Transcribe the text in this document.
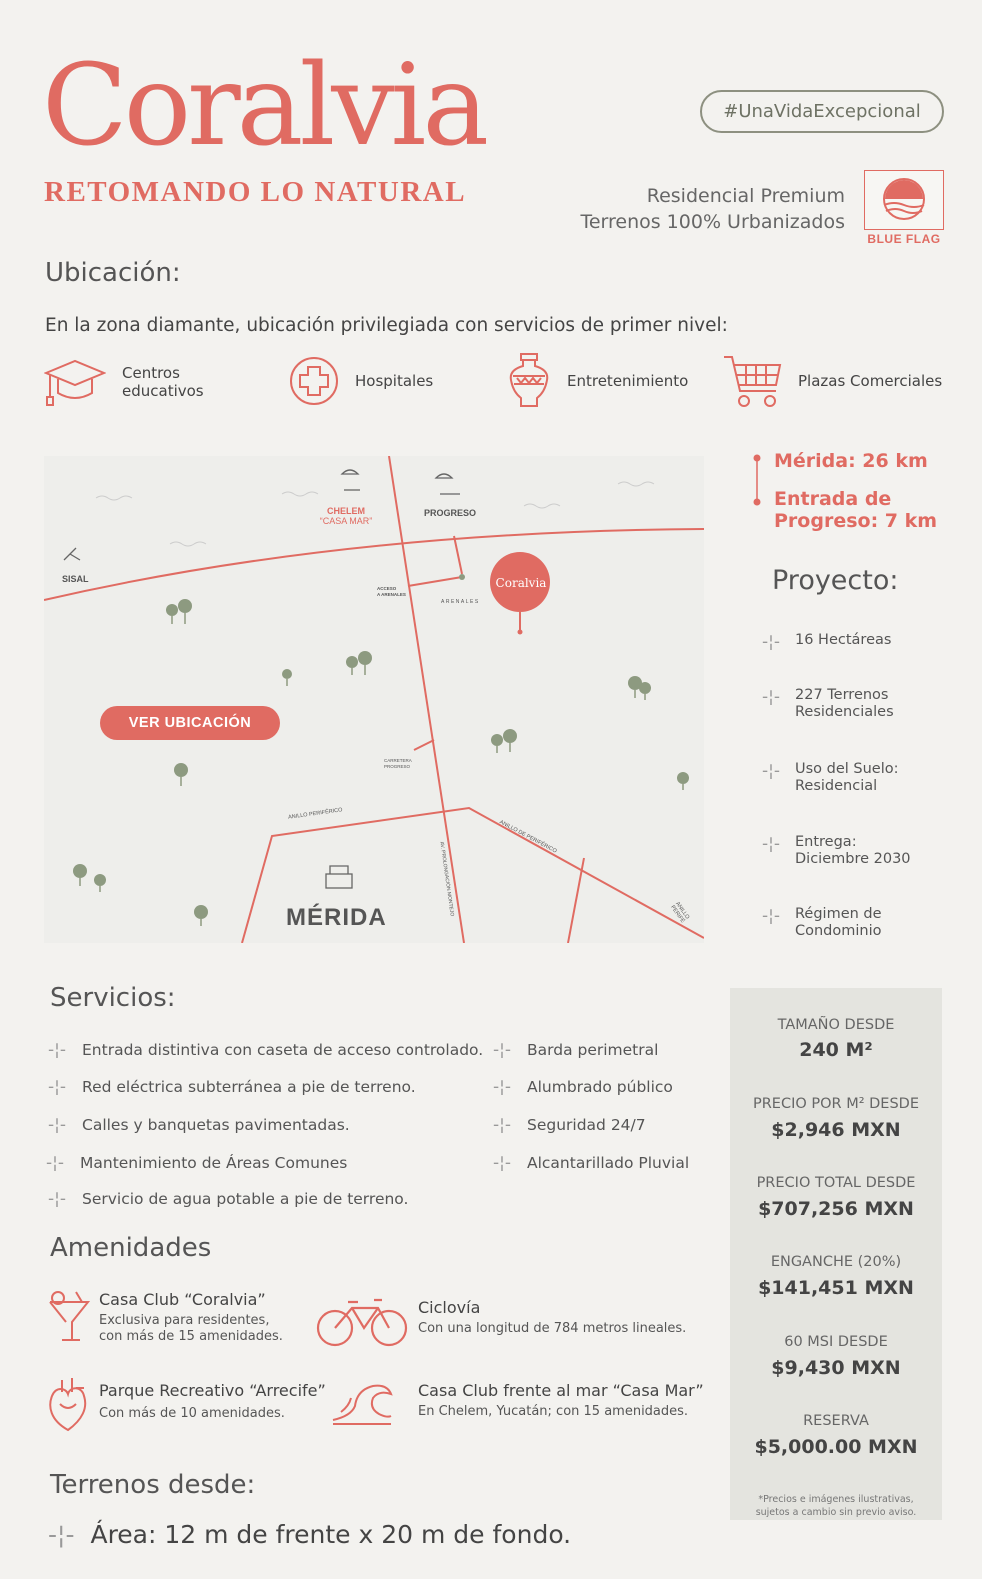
Coralvia
RETOMANDO LO NATURAL
#UnaVidaExcepcional
Residencial Premium
Terrenos 100% Urbanizados
BLUE FLAG
Ubicación:
En la zona diamante, ubicación privilegiada con servicios de primer nivel:
Centros
educativos
Hospitales	Entretenimiento	Plazas Comerciales
SISAL
CHELEM
“CASA MAR”
PROGRESO
ACCESO
A ARENALES
ARENALES
Coralvia
CARRETERA
PROGRESO
ANILLO PERIFÉRICO
ANILLO DE PERIFÉRICO
ANILLO PERIFÉ
AV. PROLONGACIÓN MONTEJO
MÉRIDA
VER UBICACIÓN
Mérida: 26 km
Entrada de
Progreso: 7 km
Proyecto:
-¦- 16 Hectáreas
-¦- 227 Terrenos
Residenciales
-¦- Uso del Suelo:
Residencial
-¦- Entrega:
Diciembre 2030
-¦- Régimen de
Condominio
Servicios:
-¦- Entrada distintiva con caseta de acceso controlado.
-¦- Red eléctrica subterránea a pie de terreno.
-¦- Calles y banquetas pavimentadas.
-¦- Mantenimiento de Áreas Comunes
-¦- Servicio de agua potable a pie de terreno.
-¦- Barda perimetral
-¦- Alumbrado público
-¦- Seguridad 24/7
-¦- Alcantarillado Pluvial
TAMAÑO DESDE
240 M²
PRECIO POR M² DESDE
$2,946 MXN
PRECIO TOTAL DESDE
$707,256 MXN
ENGANCHE (20%)
$141,451 MXN
60 MSI DESDE
$9,430 MXN
RESERVA
$5,000.00 MXN
*Precios e imágenes ilustrativas,
sujetos a cambio sin previo aviso.
Amenidades
Casa Club “Coralvia”
Exclusiva para residentes,
con más de 15 amenidades.
Ciclovía
Con una longitud de 784 metros lineales.
Parque Recreativo “Arrecife”
Con más de 10 amenidades.
Casa Club frente al mar “Casa Mar”
En Chelem, Yucatán; con 15 amenidades.
Terrenos desde:
-¦- Área: 12 m de frente x 20 m de fondo.
